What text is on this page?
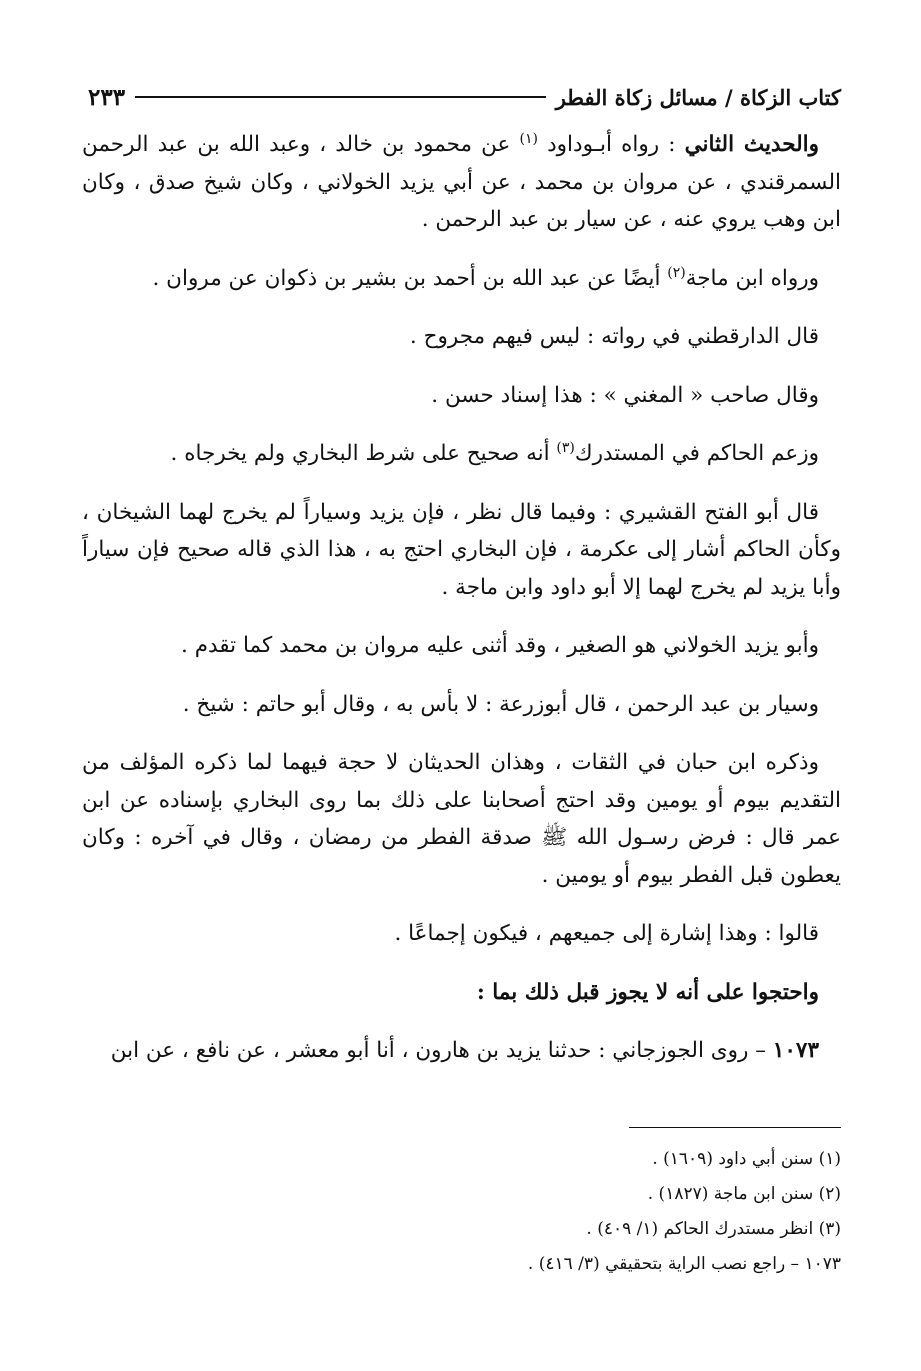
كتاب الزكاة / مسائل زكاة الفطر
٢٣٣

والحديث الثاني : رواه أبـوداود $^{(١)}$ عن محمود بن خالد ، وعبد الله بن عبد الرحمن السمرقندي ، عن مروان بن محمد ، عن أبي يزيد الخولاني ، وكان شيخ صدق ، وكان ابن وهب يروي عنه ، عن سيار بن عبد الرحمن .

ورواه ابن ماجة$^{(٢)}$ أيضًا عن عبد الله بن أحمد بن بشير بن ذكوان عن مروان .

قال الدارقطني في رواته : ليس فيهم مجروح .

وقال صاحب « المغني » : هذا إسناد حسن .

وزعم الحاكم في المستدرك$^{(٣)}$ أنه صحيح على شرط البخاري ولم يخرجاه .

قال أبو الفتح القشيري : وفيما قال نظر ، فإن يزيد وسياراً لم يخرج لهما الشيخان ، وكأن الحاكم أشار إلى عكرمة ، فإن البخاري احتج به ، هذا الذي قاله صحيح فإن سياراً وأبا يزيد لم يخرج لهما إلا أبو داود وابن ماجة .

وأبو يزيد الخولاني هو الصغير ، وقد أثنى عليه مروان بن محمد كما تقدم .

وسيار بن عبد الرحمن ، قال أبوزرعة : لا بأس به ، وقال أبو حاتم : شيخ .

وذكره ابن حبان في الثقات ، وهذان الحديثان لا حجة فيهما لما ذكره المؤلف من التقديم بيوم أو يومين وقد احتج أصحابنا على ذلك بما روى البخاري بإسناده عن ابن عمر قال : فرض رسـول الله ﷺ صدقة الفطر من رمضان ، وقال في آخره : وكان يعطون قبل الفطر بيوم أو يومين .

قالوا : وهذا إشارة إلى جميعهم ، فيكون إجماعًا .

واحتجوا على أنه لا يجوز قبل ذلك بما :

١٠٧٣ – روى الجوزجاني : حدثنا يزيد بن هارون ، أنا أبو معشر ، عن نافع ، عن ابن

(١) سنن أبي داود (١٦٠٩) .
(٢) سنن ابن ماجة (١٨٢٧) .
(٣) انظر مستدرك الحاكم (١/ ٤٠٩) .
١٠٧٣ – راجع نصب الراية بتحقيقي (٣/ ٤١٦) .
